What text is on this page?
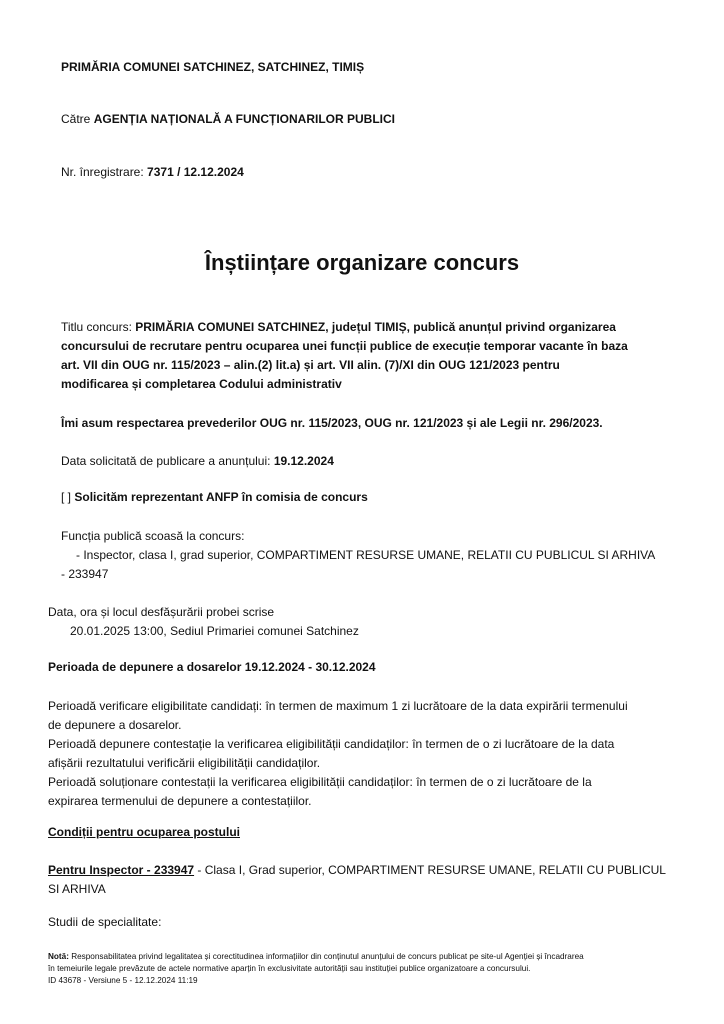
PRIMĂRIA COMUNEI SATCHINEZ, SATCHINEZ, TIMIȘ
Către AGENȚIA NAȚIONALĂ A FUNCȚIONARILOR PUBLICI
Nr. înregistrare: 7371 / 12.12.2024
Înștiințare organizare concurs
Titlu concurs: PRIMĂRIA COMUNEI SATCHINEZ, județul TIMIȘ, publică anunțul privind organizarea
concursului de recrutare pentru ocuparea unei funcții publice de execuție temporar vacante în baza
art. VII din OUG nr. 115/2023 – alin.(2) lit.a) și art. VII alin. (7)/XI din OUG 121/2023 pentru
modificarea și completarea Codului administrativ
Îmi asum respectarea prevederilor OUG nr. 115/2023, OUG nr. 121/2023 și ale Legii nr. 296/2023.
Data solicitată de publicare a anunțului: 19.12.2024
[ ] Solicităm reprezentant ANFP în comisia de concurs
Funcția publică scoasă la concurs:
- Inspector, clasa I, grad superior, COMPARTIMENT RESURSE UMANE, RELATII CU PUBLICUL SI ARHIVA
- 233947
Data, ora și locul desfășurării probei scrise
20.01.2025 13:00, Sediul Primariei comunei Satchinez
Perioada de depunere a dosarelor 19.12.2024 - 30.12.2024
Perioadă verificare eligibilitate candidați: în termen de maximum 1 zi lucrătoare de la data expirării termenului
de depunere a dosarelor.
Perioadă depunere contestație la verificarea eligibilității candidaților: în termen de o zi lucrătoare de la data
afișării rezultatului verificării eligibilității candidaților.
Perioadă soluționare contestații la verificarea eligibilității candidaților: în termen de o zi lucrătoare de la
expirarea termenului de depunere a contestațiilor.
Condiții pentru ocuparea postului
Pentru Inspector - 233947 - Clasa I, Grad superior, COMPARTIMENT RESURSE UMANE, RELATII CU PUBLICUL
SI ARHIVA
Studii de specialitate:
Notă: Responsabilitatea privind legalitatea și corectitudinea informațiilor din conținutul anunțului de concurs publicat pe site-ul Agenției și încadrarea
în temeiurile legale prevăzute de actele normative aparțin în exclusivitate autorității sau instituției publice organizatoare a concursului.
ID 43678 - Versiune 5 - 12.12.2024 11:19
